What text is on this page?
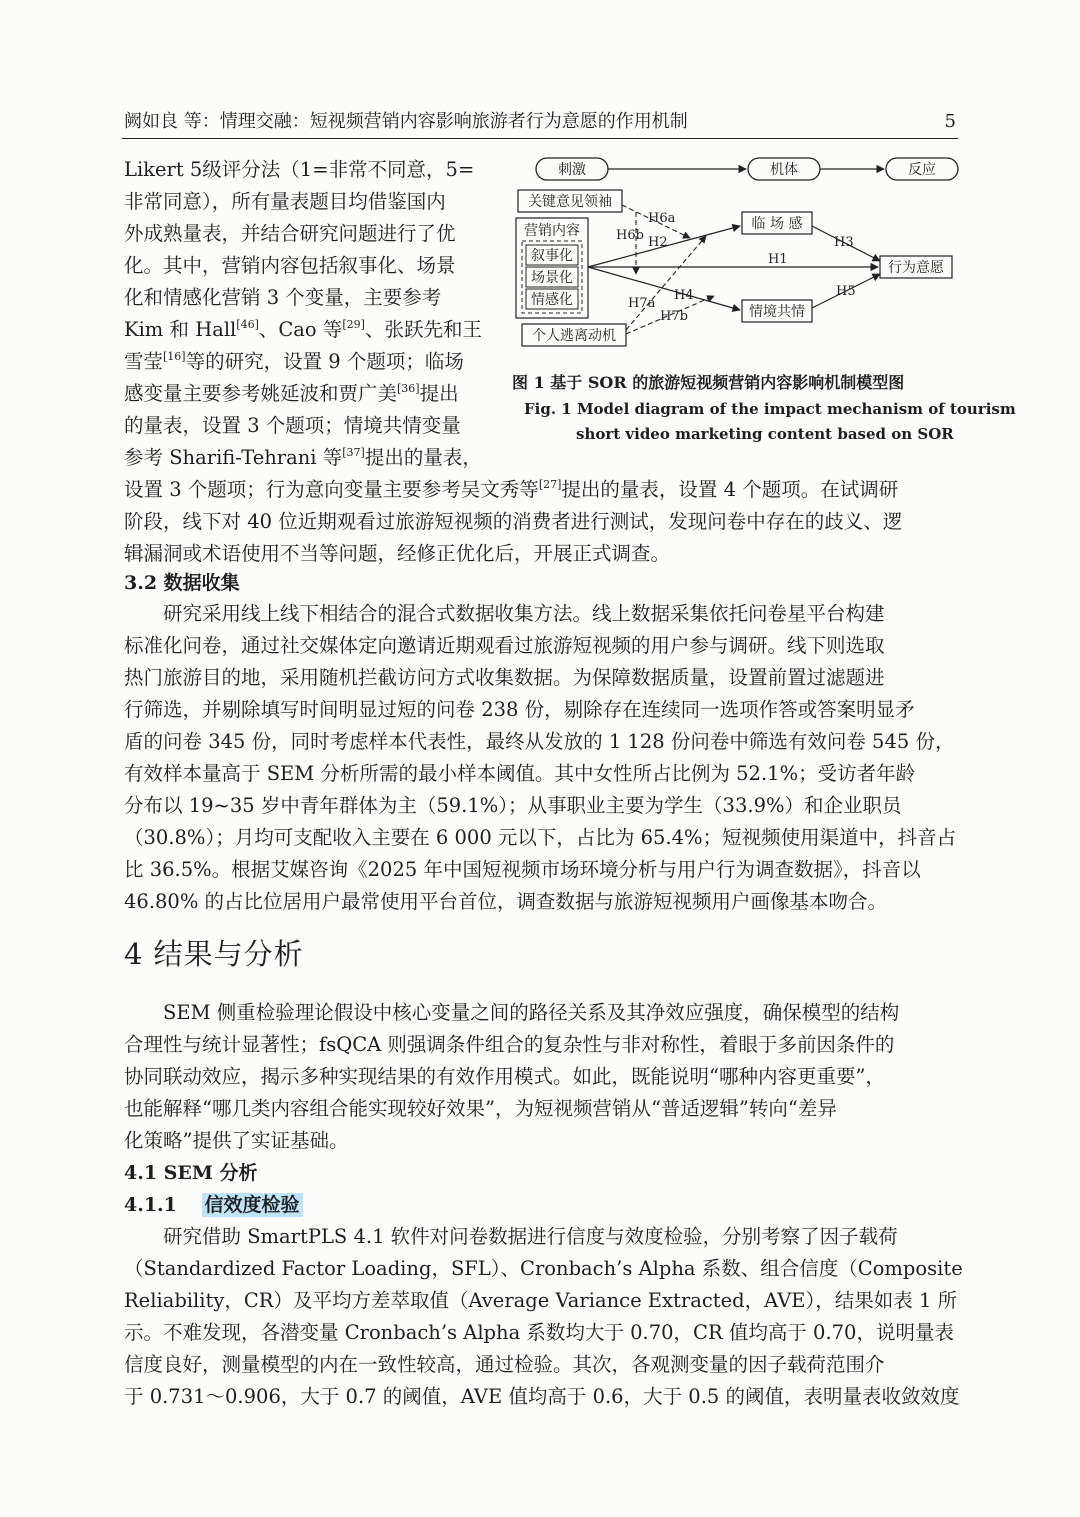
阙如良 等：情理交融：短视频营销内容影响旅游者行为意愿的作用机制	5

Likert 5级评分法（1=非常不同意，5=

非常同意），所有量表题目均借鉴国内

外成熟量表，并结合研究问题进行了优

化。其中，营销内容包括叙事化、场景

化和情感化营销 3 个变量，主要参考

Kim 和 Hall[46]、Cao 等[29]、张跃先和王

雪莹[16]等的研究，设置 9 个题项；临场

感变量主要参考姚延波和贾广美[36]提出

的量表，设置 3 个题项；情境共情变量

参考 Sharifi-Tehrani 等[37]提出的量表，

设置 3 个题项；行为意向变量主要参考吴文秀等[27]提出的量表，设置 4 个题项。在试调研

阶段，线下对 40 位近期观看过旅游短视频的消费者进行测试，发现问卷中存在的歧义、逻

辑漏洞或术语使用不当等问题，经修正优化后，开展正式调查。

3.2 数据收集

研究采用线上线下相结合的混合式数据收集方法。线上数据采集依托问卷星平台构建

标准化问卷，通过社交媒体定向邀请近期观看过旅游短视频的用户参与调研。线下则选取

热门旅游目的地，采用随机拦截访问方式收集数据。为保障数据质量，设置前置过滤题进

行筛选，并剔除填写时间明显过短的问卷 238 份，剔除存在连续同一选项作答或答案明显矛

盾的问卷 345 份，同时考虑样本代表性，最终从发放的 1 128 份问卷中筛选有效问卷 545 份，

有效样本量高于 SEM 分析所需的最小样本阈值。其中女性所占比例为 52.1%；受访者年龄

分布以 19~35 岁中青年群体为主（59.1%）；从事职业主要为学生（33.9%）和企业职员

（30.8%）；月均可支配收入主要在 6 000 元以下，占比为 65.4%；短视频使用渠道中，抖音占

比 36.5%。根据艾媒咨询《2025 年中国短视频市场环境分析与用户行为调查数据》，抖音以

46.80% 的占比位居用户最常使用平台首位，调查数据与旅游短视频用户画像基本吻合。

4 结果与分析

SEM 侧重检验理论假设中核心变量之间的路径关系及其净效应强度，确保模型的结构

合理性与统计显著性；fsQCA 则强调条件组合的复杂性与非对称性，着眼于多前因条件的

协同联动效应，揭示多种实现结果的有效作用模式。如此，既能说明“哪种内容更重要”，

也能解释“哪几类内容组合能实现较好效果”，为短视频营销从“普适逻辑”转向“差异

化策略”提供了实证基础。

4.1 SEM 分析
4.1.1 信效度检验

研究借助 SmartPLS 4.1 软件对问卷数据进行信度与效度检验，分别考察了因子载荷

（Standardized Factor Loading，SFL）、Cronbach’s Alpha 系数、组合信度（Composite

Reliability，CR）及平均方差萃取值（Average Variance Extracted，AVE），结果如表 1 所

示。不难发现，各潜变量 Cronbach’s Alpha 系数均大于 0.70，CR 值均高于 0.70，说明量表

信度良好，测量模型的内在一致性较高，通过检验。其次，各观测变量的因子载荷范围介

于 0.731～0.906，大于 0.7 的阈值，AVE 值均高于 0.6，大于 0.5 的阈值，表明量表收敛效度

刺激	机体	反应
关键意见领袖
营销内容
叙事化
场景化
情感化
个人逃离动机
临 场 感
情境共情
行为意愿
H1
H2	H3
H4	H5
H6a
H6b
H7a
H7b
图 1 基于 SOR 的旅游短视频营销内容影响机制模型图
Fig. 1 Model diagram of the impact mechanism of tourism
short video marketing content based on SOR
